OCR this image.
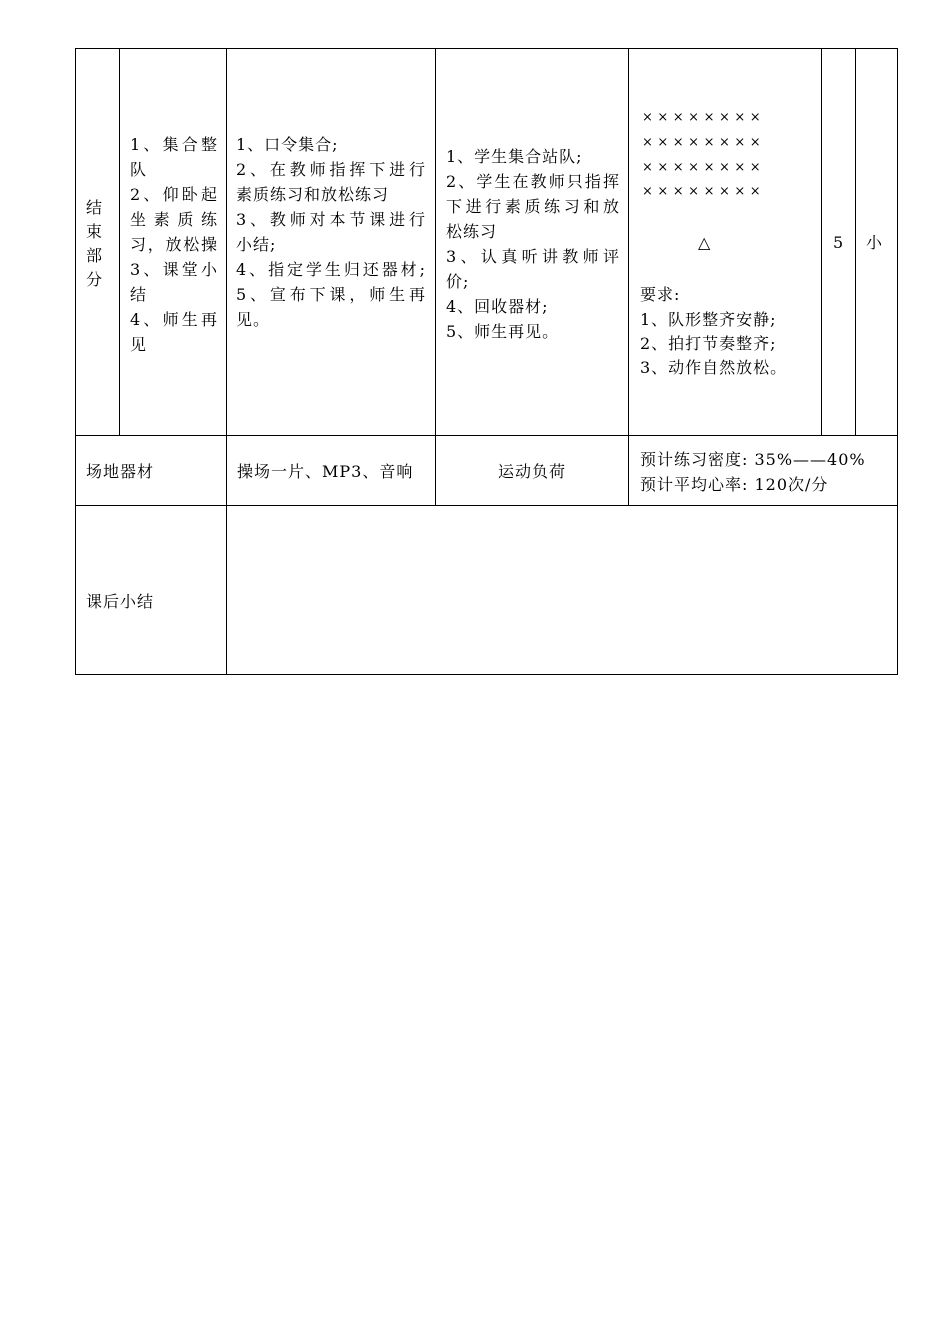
结束部分
1、集合整
队
2、仰卧起
坐素质练
习，放松操
3、课堂小
结
4、师生再
见
1、口令集合;
2、在教师指挥下进行
素质练习和放松练习
3、教师对本节课进行
小结;
4、指定学生归还器材;
5、宣布下课，师生再
见。
1、学生集合站队;
2、学生在教师只指挥
下进行素质练习和放
松练习
3、认真听讲教师评
价;
4、回收器材;
5、师生再见。
××××××××
××××××××
××××××××
××××××××
△
要求:
1、队形整齐安静;
2、拍打节奏整齐;
3、动作自然放松。
5 小
场地器材	操场一片、MP3、音响	运动负荷
预计练习密度: 35%——40%
预计平均心率: 120次/分
课后小结
